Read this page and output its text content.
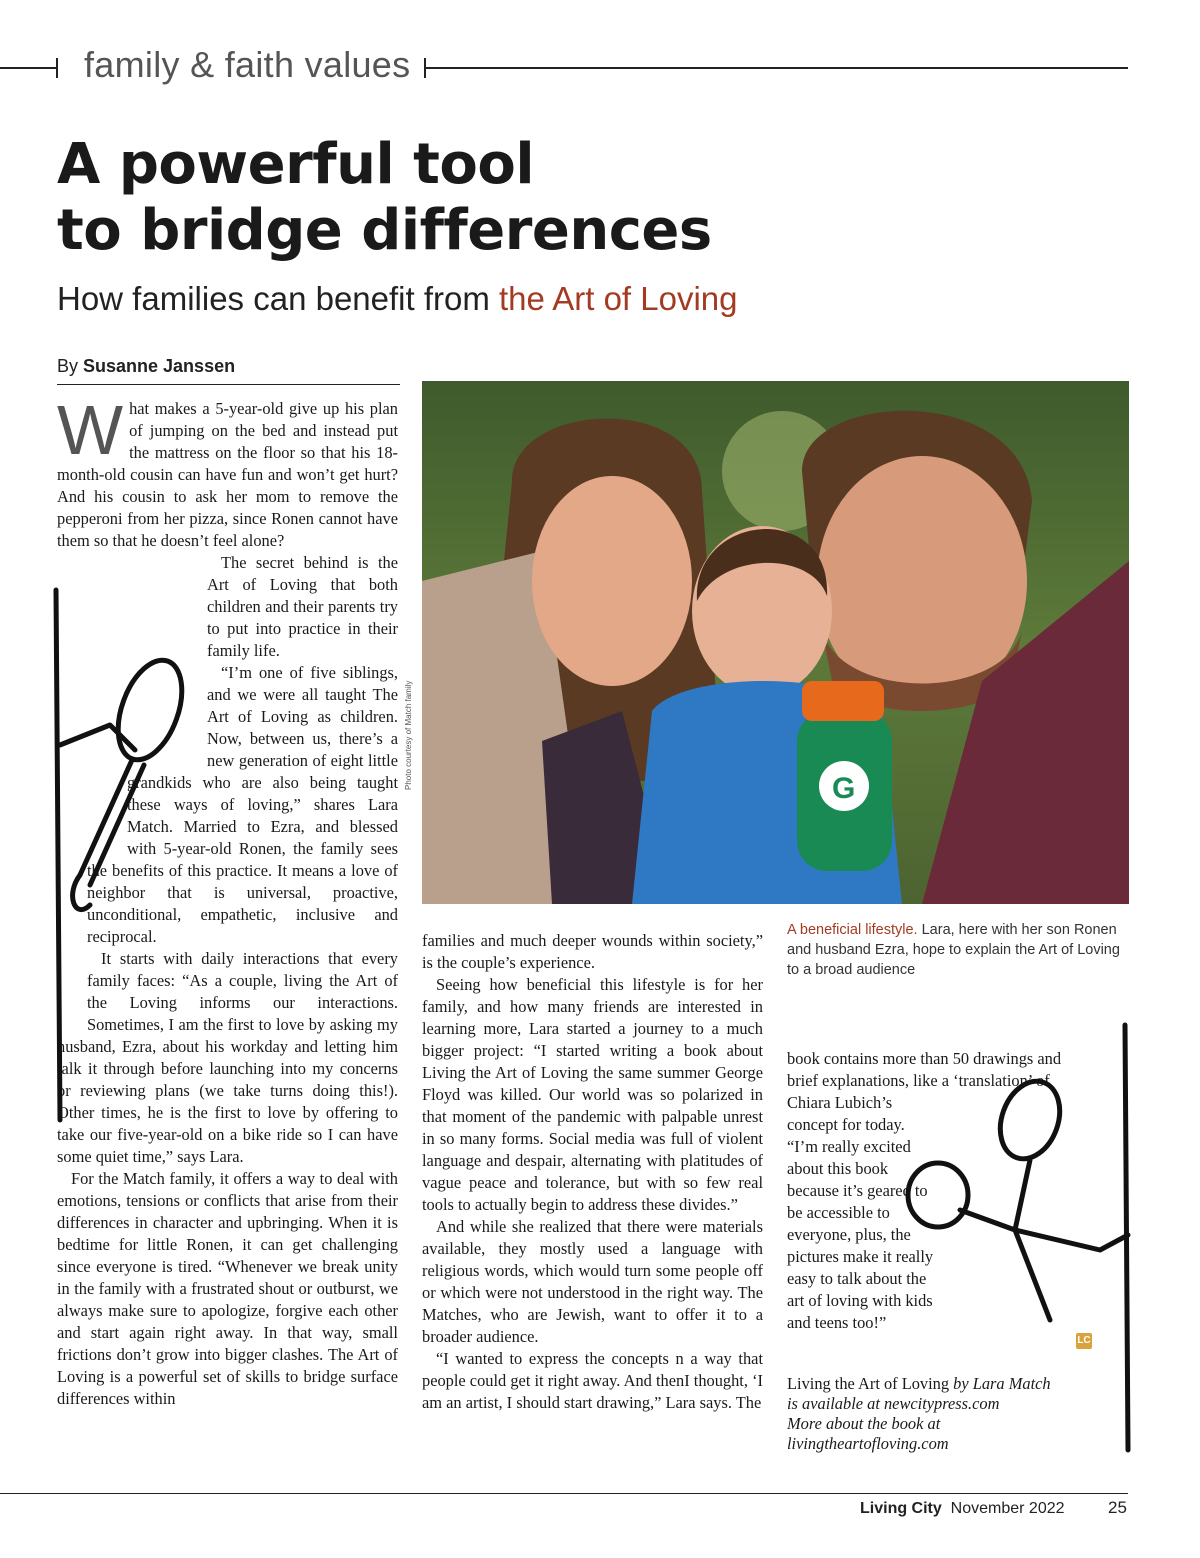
family & faith values
A powerful tool
to bridge differences
How families can benefit from the Art of Loving
By Susanne Janssen

What makes a 5-year-old give up his plan of jumping on the bed and instead put the mattress on the floor so that his 18-month-old cousin can have fun and won’t get hurt? And his cousin to ask her mom to remove the pepperoni from her pizza, since Ronen cannot have them so that he doesn’t feel alone?

The secret behind is the Art of Loving that both children and their parents try to put into practice in their family life.

“I’m one of five siblings, and we were all taught The Art of Loving as children. Now, between us, there’s a new generation of eight little grandkids who are also being taught these ways of loving,” shares Lara Match. Married to Ezra, and blessed with 5-year-old Ronen, the family sees the benefits of this practice. It means a love of neighbor that is universal, proactive, unconditional, empathetic, inclusive and reciprocal.

It starts with daily interactions that every family faces: “As a couple, living the Art of the Loving informs our interactions. Sometimes, I am the first to love by asking my husband, Ezra, about his workday and letting him talk it through before launching into my concerns or reviewing plans (we take turns doing this!). Other times, he is the first to love by offering to take our five-year-old on a bike ride so I can have some quiet time,” says Lara.

For the Match family, it offers a way to deal with emotions, tensions or conflicts that arise from their differences in character and upbringing. When it is bedtime for little Ronen, it can get challenging since everyone is tired. “Whenever we break unity in the family with a frustrated shout or outburst, we always make sure to apologize, forgive each other and start again right away. In that way, small frictions don’t grow into bigger clashes. The Art of Loving is a powerful set of skills to bridge surface differences within

G
Photo courtesy of Match family
A beneficial lifestyle. Lara, here with her son Ronen and husband Ezra, hope to explain the Art of Loving to a broad audience

families and much deeper wounds within society,” is the couple’s experience.

Seeing how beneficial this lifestyle is for her family, and how many friends are interested in learning more, Lara started a journey to a much bigger project: “I started writing a book about Living the Art of Loving the same summer George Floyd was killed. Our world was so polarized in that moment of the pandemic with palpable unrest in so many forms. Social media was full of violent language and despair, alternating with platitudes of vague peace and tolerance, but with so few real tools to actually begin to address these divides.”

And while she realized that there were materials available, they mostly used a language with religious words, which would turn some people off or which were not understood in the right way. The Matches, who are Jewish, want to offer it to a broader audience.

“I wanted to express the concepts n a way that people could get it right away. And thenI thought, ‘I am an artist, I should start drawing,” Lara says. The

book contains more than 50 drawings and brief explanations, like a ‘translation’ of Chiara Lubich’s concept for today. “I’m really excited about this book because it’s geared to be accessible to everyone, plus, the pictures make it really easy to talk about the art of loving with kids and teens too!”

LC
Living the Art of Loving by Lara Match
is available at newcitypress.com
More about the book at
livingtheartofloving.com
Living City November 2022	25
